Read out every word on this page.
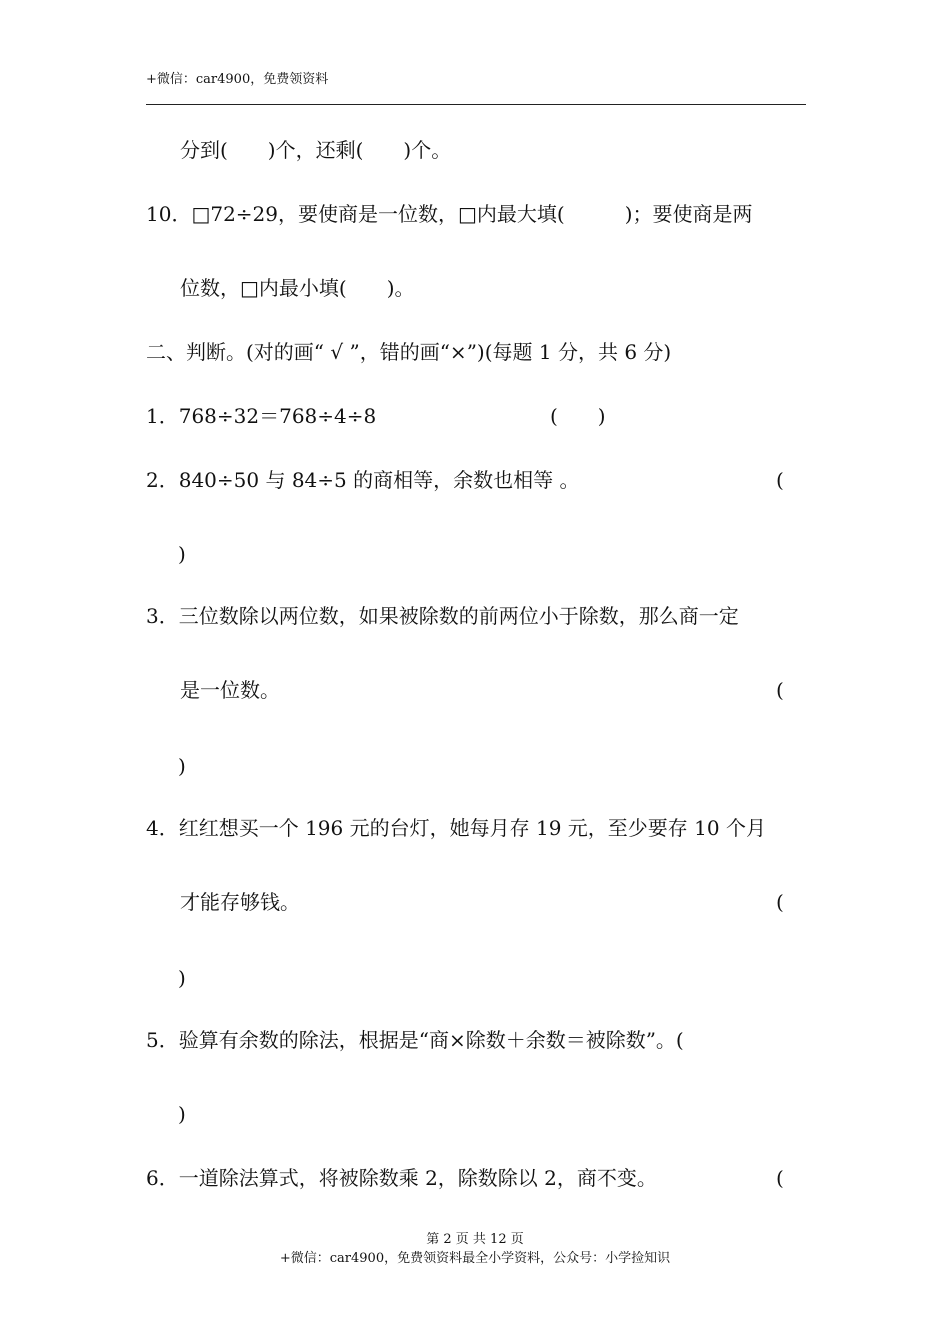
+微信：car4900，免费领资料
分到(　　)个，还剩(　　)个。
10．□72÷29，要使商是一位数，□内最大填(　　　)；要使商是两
位数，□内最小填(　　)。
二、判断。(对的画“ √ ”，错的画“×”)(每题 1 分，共 6 分)
1．768÷32＝768÷4÷8	(　　)
2．840÷50 与 84÷5 的商相等，余数也相等 。	(
)
3．三位数除以两位数，如果被除数的前两位小于除数，那么商一定
是一位数。	(
)
4．红红想买一个 196 元的台灯，她每月存 19 元，至少要存 10 个月
才能存够钱。	(
)
5．验算有余数的除法，根据是“商×除数＋余数＝被除数”。(
)
6．一道除法算式，将被除数乘 2，除数除以 2，商不变。	(
第 2 页 共 12 页
+微信：car4900，免费领资料最全小学资料，公众号：小学捡知识
